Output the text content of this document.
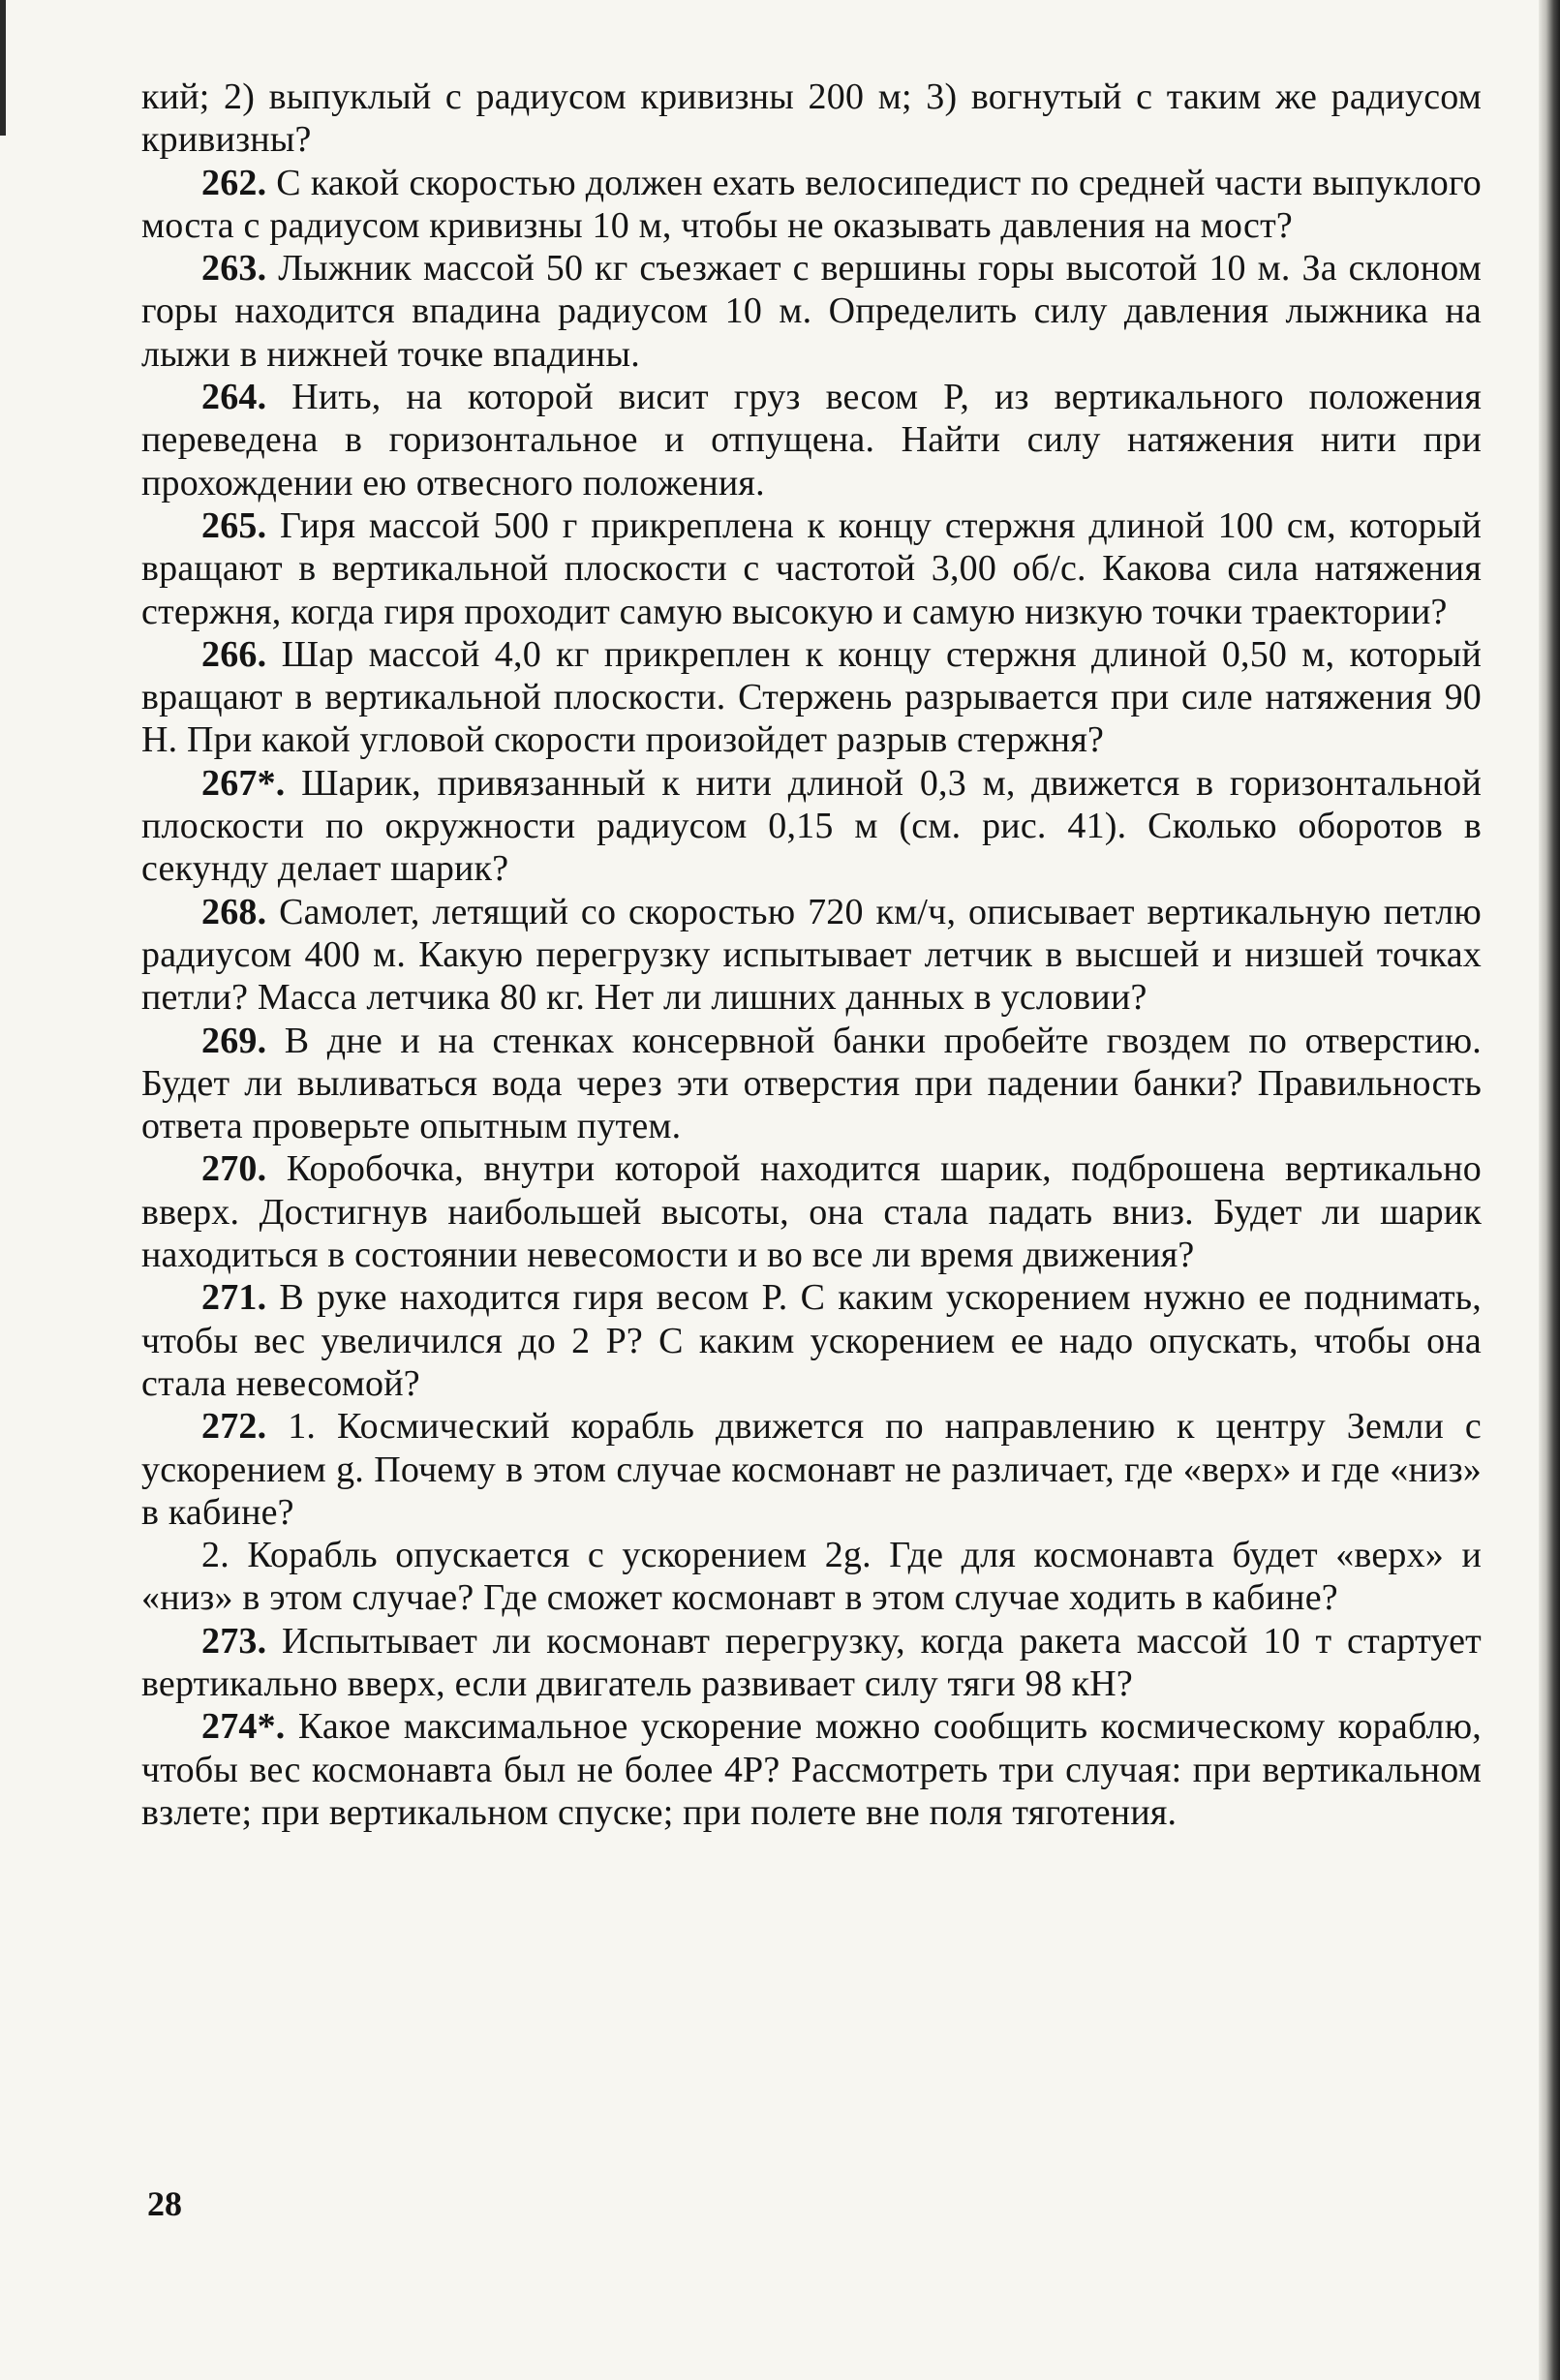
кий; 2) выпуклый с радиусом кривизны 200 м; 3) вогнутый с таким же радиусом кривизны?

262. С какой скоростью должен ехать велосипедист по средней части выпуклого моста с радиусом кривизны 10 м, чтобы не оказывать давления на мост?

263. Лыжник массой 50 кг съезжает с вершины горы высотой 10 м. За склоном горы находится впадина радиусом 10 м. Определить силу давления лыжника на лыжи в нижней точке впадины.

264. Нить, на которой висит груз весом P, из вертикального положения переведена в горизонтальное и отпущена. Найти силу натяжения нити при прохождении ею отвесного положения.

265. Гиря массой 500 г прикреплена к концу стержня длиной 100 см, который вращают в вертикальной плоскости с частотой 3,00 об/с. Какова сила натяжения стержня, когда гиря проходит самую высокую и самую низкую точки траектории?

266. Шар массой 4,0 кг прикреплен к концу стержня длиной 0,50 м, который вращают в вертикальной плоскости. Стержень разрывается при силе натяжения 90 Н. При какой угловой скорости произойдет разрыв стержня?

267*. Шарик, привязанный к нити длиной 0,3 м, движется в горизонтальной плоскости по окружности радиусом 0,15 м (см. рис. 41). Сколько оборотов в секунду делает шарик?

268. Самолет, летящий со скоростью 720 км/ч, описывает вертикальную петлю радиусом 400 м. Какую перегрузку испытывает летчик в высшей и низшей точках петли? Масса летчика 80 кг. Нет ли лишних данных в условии?

269. В дне и на стенках консервной банки пробейте гвоздем по отверстию. Будет ли выливаться вода через эти отверстия при падении банки? Правильность ответа проверьте опытным путем.

270. Коробочка, внутри которой находится шарик, подброшена вертикально вверх. Достигнув наибольшей высоты, она стала падать вниз. Будет ли шарик находиться в состоянии невесомости и во все ли время движения?

271. В руке находится гиря весом P. С каким ускорением нужно ее поднимать, чтобы вес увеличился до 2 P? С каким ускорением ее надо опускать, чтобы она стала невесомой?

272. 1. Космический корабль движется по направлению к центру Земли с ускорением g. Почему в этом случае космонавт не различает, где «верх» и где «низ» в кабине?

2. Корабль опускается с ускорением 2g. Где для космонавта будет «верх» и «низ» в этом случае? Где сможет космонавт в этом случае ходить в кабине?

273. Испытывает ли космонавт перегрузку, когда ракета массой 10 т стартует вертикально вверх, если двигатель развивает силу тяги 98 кН?

274*. Какое максимальное ускорение можно сообщить космическому кораблю, чтобы вес космонавта был не более 4P? Рассмотреть три случая: при вертикальном взлете; при вертикальном спуске; при полете вне поля тяготения.

28
